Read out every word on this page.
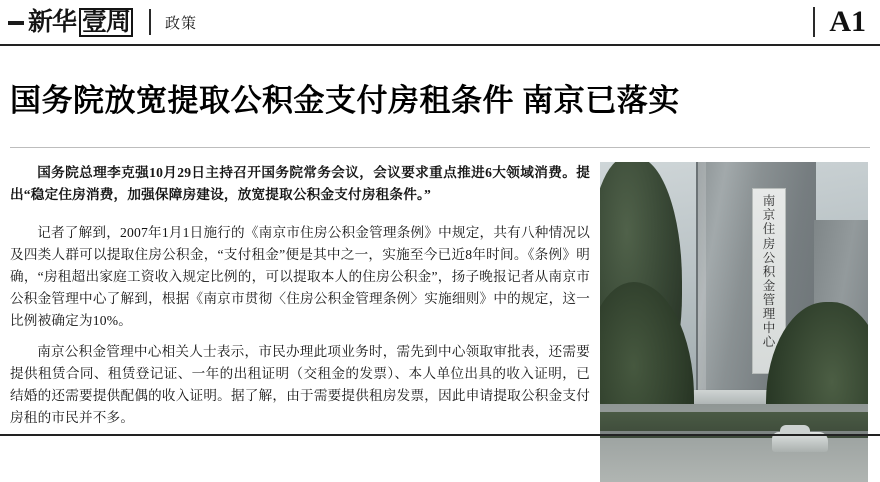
新华 壹周 政策	A1
国务院放宽提取公积金支付房租条件 南京已落实

国务院总理李克强10月29日主持召开国务院常务会议，会议要求重点推进6大领域消费。提出“稳定住房消费，加强保障房建设，放宽提取公积金支付房租条件。”

记者了解到，2007年1月1日施行的《南京市住房公积金管理条例》中规定，共有八种情况以及四类人群可以提取住房公积金，“支付租金”便是其中之一，实施至今已近8年时间。《条例》明确，“房租超出家庭工资收入规定比例的，可以提取本人的住房公积金”，扬子晚报记者从南京市公积金管理中心了解到，根据《南京市贯彻〈住房公积金管理条例〉实施细则》中的规定，这一比例被确定为10%。

南京公积金管理中心相关人士表示，市民办理此项业务时，需先到中心领取审批表，还需要提供租赁合同、租赁登记证、一年的出租证明（交租金的发票）、本人单位出具的收入证明，已结婚的还需要提供配偶的收入证明。据了解，由于需要提供租房发票，因此申请提取公积金支付房租的市民并不多。

南
京
住
房
公
积
金
管
理
中
心
